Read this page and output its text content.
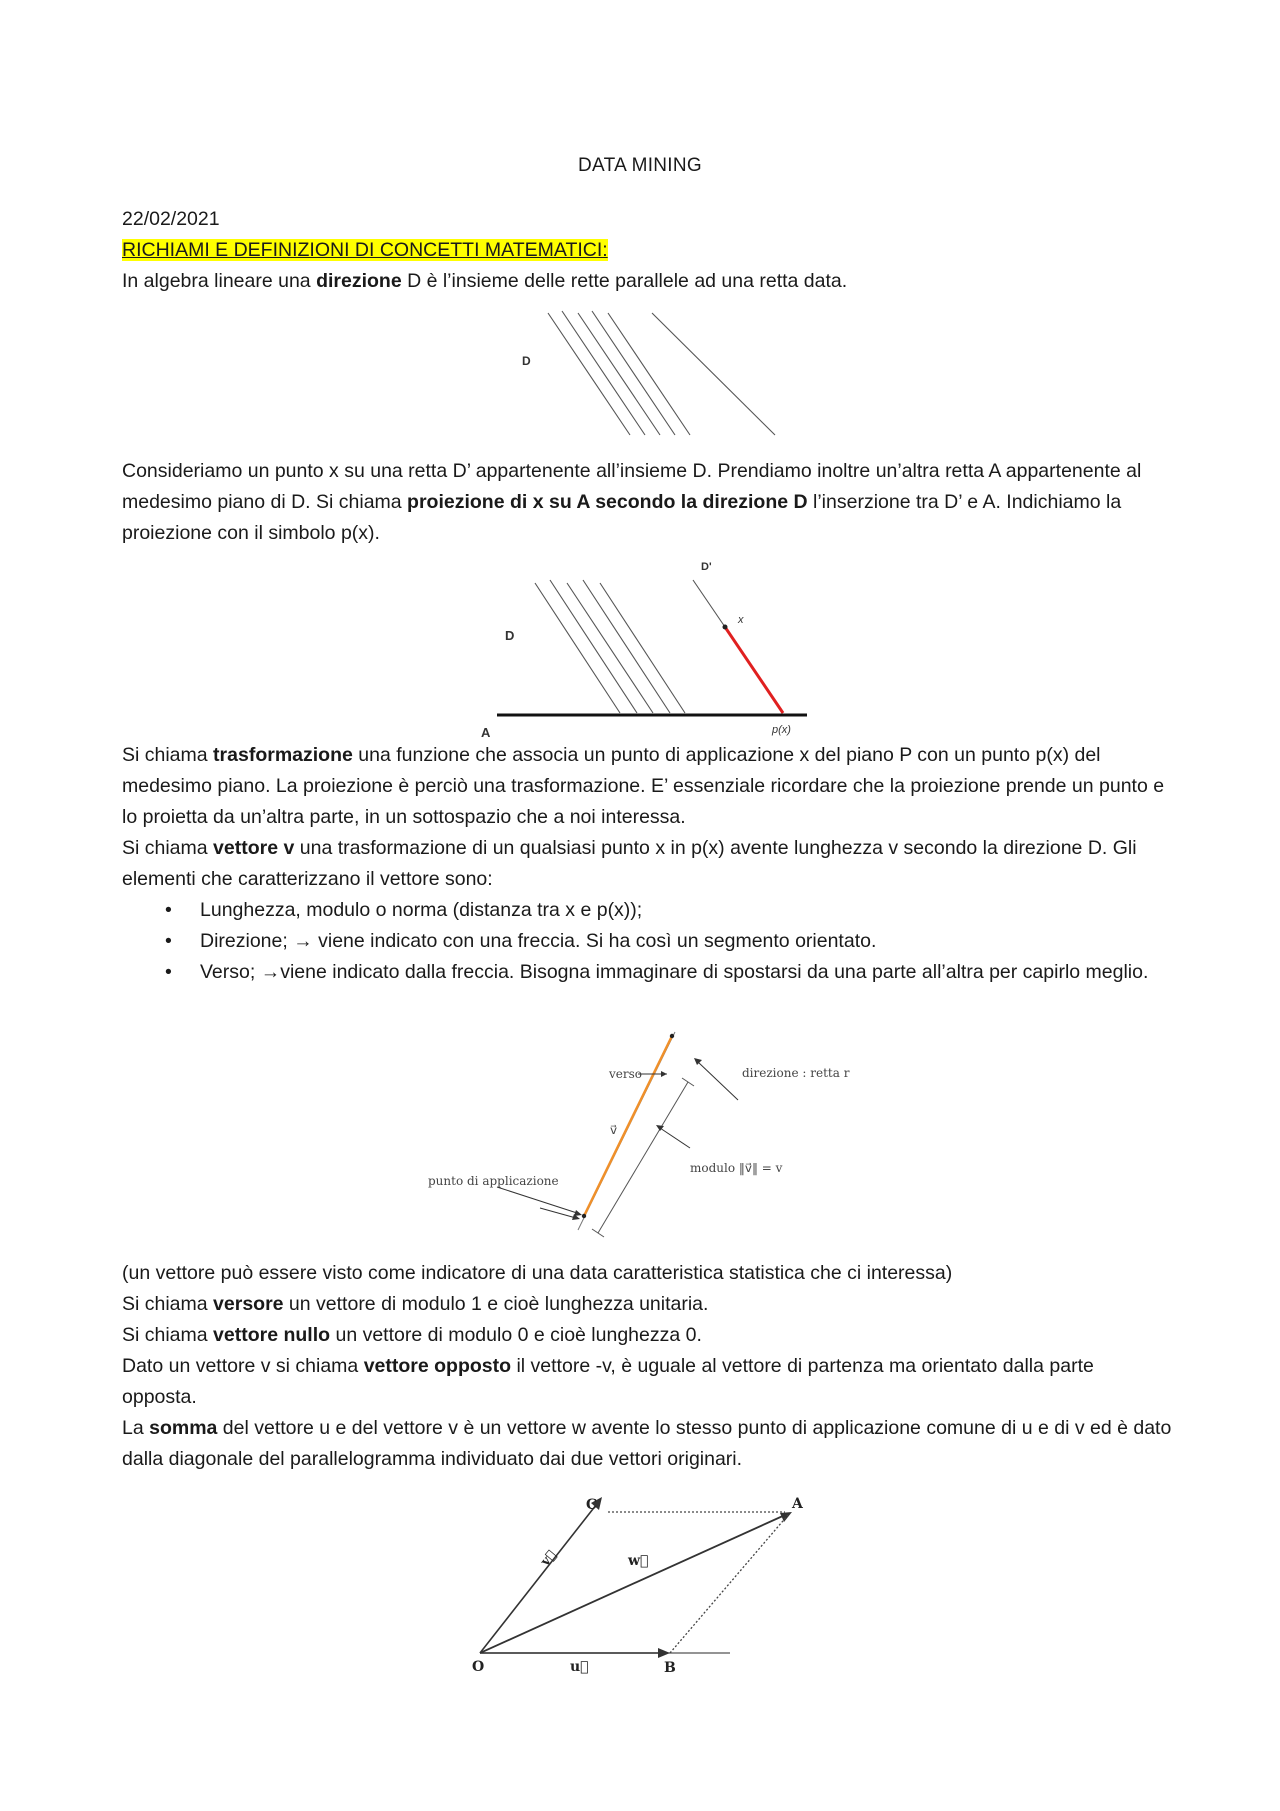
DATA MINING

22/02/2021

RICHIAMI E DEFINIZIONI DI CONCETTI MATEMATICI:

In algebra lineare una direzione D è l’insieme delle rette parallele ad una retta data.

D

Consideriamo un punto x su una retta D’ appartenente all’insieme D. Prendiamo inoltre un’altra retta A appartenente al medesimo piano di D. Si chiama proiezione di x su A secondo la direzione D l’inserzione tra D’ e A. Indichiamo la proiezione con il simbolo p(x).

D'
x
D
A	p(x)

Si chiama trasformazione una funzione che associa un punto di applicazione x del piano P con un punto p(x) del medesimo piano. La proiezione è perciò una trasformazione. E’ essenziale ricordare che la proiezione prende un punto e lo proietta da un’altra parte, in un sottospazio che a noi interessa.

Si chiama vettore v una trasformazione di un qualsiasi punto x in p(x) avente lunghezza v secondo la direzione D. Gli elementi che caratterizzano il vettore sono:

• Lunghezza, modulo o norma (distanza tra x e p(x));
• Direzione; → viene indicato con una freccia. Si ha così un segmento orientato.
• Verso; →viene indicato dalla freccia. Bisogna immaginare di spostarsi da una parte all’altra per capirlo meglio.
verso	direzione : retta r
v⃗
modulo ‖v⃗‖ = v
punto di applicazione

(un vettore può essere visto come indicatore di una data caratteristica statistica che ci interessa)

Si chiama versore un vettore di modulo 1 e cioè lunghezza unitaria.

Si chiama vettore nullo un vettore di modulo 0 e cioè lunghezza 0.

Dato un vettore v si chiama vettore opposto il vettore -v, è uguale al vettore di partenza ma orientato dalla parte opposta.

La somma del vettore u e del vettore v è un vettore w avente lo stesso punto di applicazione comune di u e di v ed è dato dalla diagonale del parallelogramma individuato dai due vettori originari.

C	A
O	B
v⃗	w⃗
u⃗
